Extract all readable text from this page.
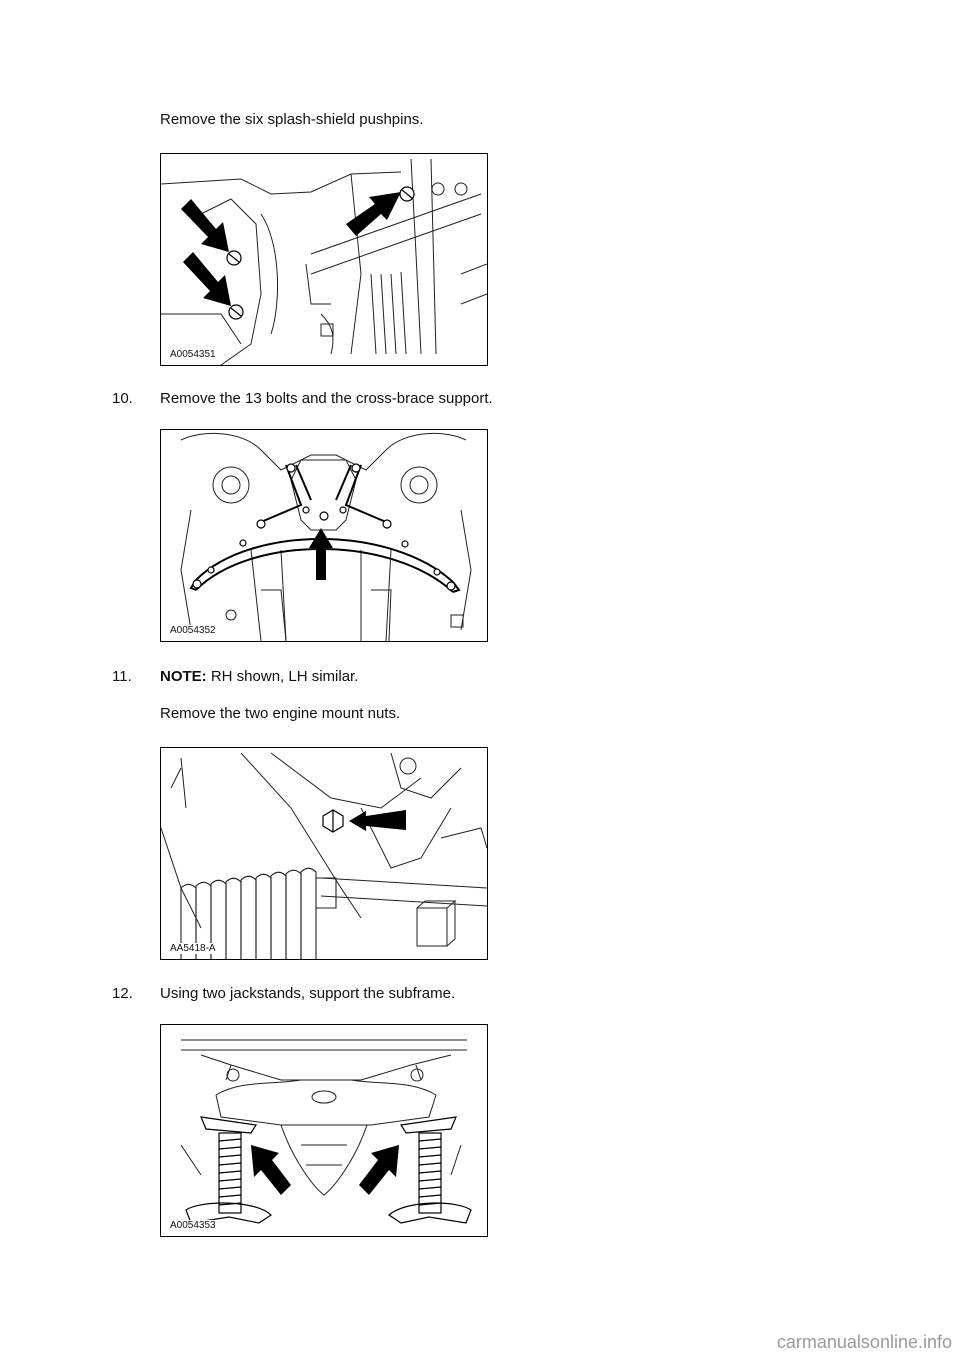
Remove the six splash-shield pushpins.
A0054351
10. Remove the 13 bolts and the cross-brace support.
A0054352
11. NOTE: RH shown, LH similar.
Remove the two engine mount nuts.
AA5418-A
12. Using two jackstands, support the subframe.
A0054353
carmanualsonline.info
